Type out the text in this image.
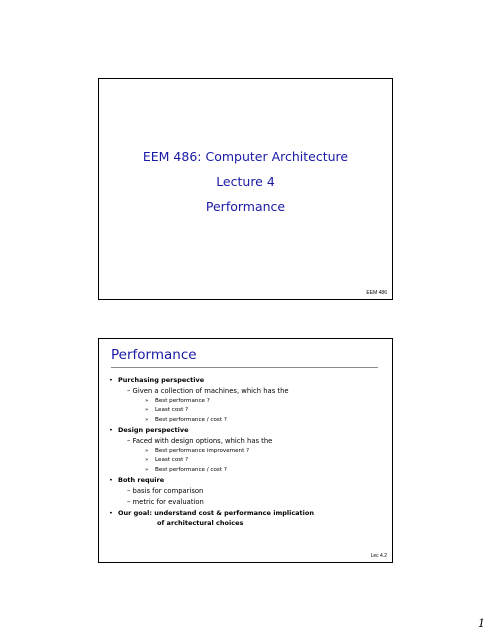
EEM 486: Computer Architecture
Lecture 4
Performance
EEM 486
Performance
• Purchasing perspective
– Given a collection of machines, which has the
» Best performance ?
» Least cost ?
» Best performance / cost ?
• Design perspective
– Faced with design options, which has the
» Best performance improvement ?
» Least cost ?
» Best performance / cost ?
• Both require
– basis for comparison
– metric for evaluation
• Our goal: understand cost & performance implication
of architectural choices
Lec 4.2
1
